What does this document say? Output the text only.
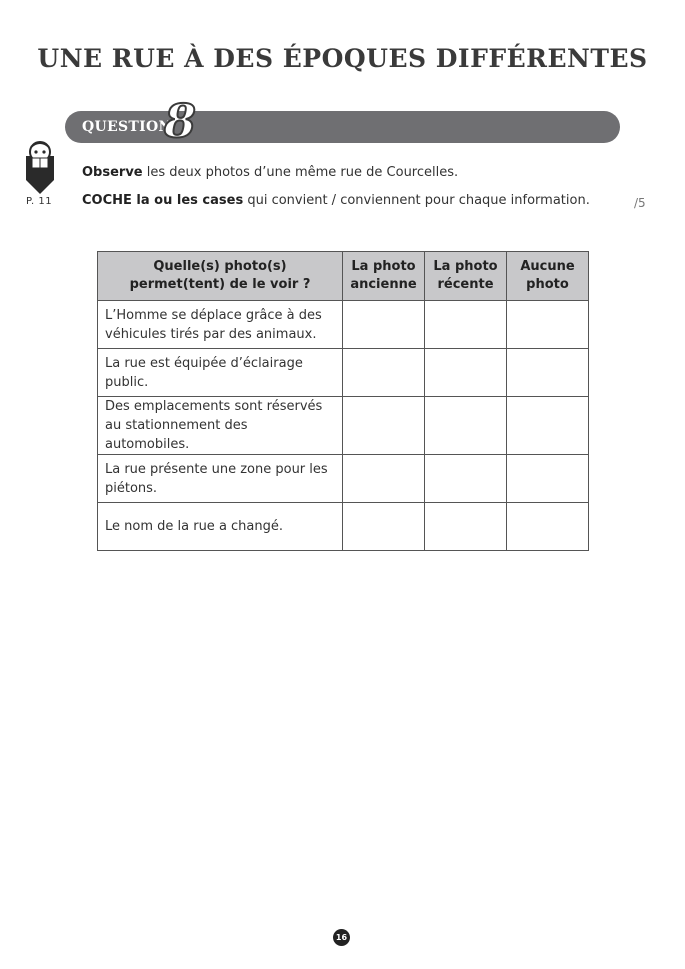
UNE RUE À DES ÉPOQUES DIFFÉRENTES
QUESTION
8
P. 11
Observe les deux photos d’une même rue de Courcelles.
COCHE la ou les cases qui convient / conviennent pour chaque information.	/5
Quelle(s) photo(s) permet(tent) de le voir ?	La photo ancienne	La photo récente	Aucune photo
L’Homme se déplace grâce à des véhicules tirés par des animaux.			
La rue est équipée d’éclairage public.			
Des emplacements sont réservés au stationnement des automobiles.			
La rue présente une zone pour les piétons.			
Le nom de la rue a changé.			
16
